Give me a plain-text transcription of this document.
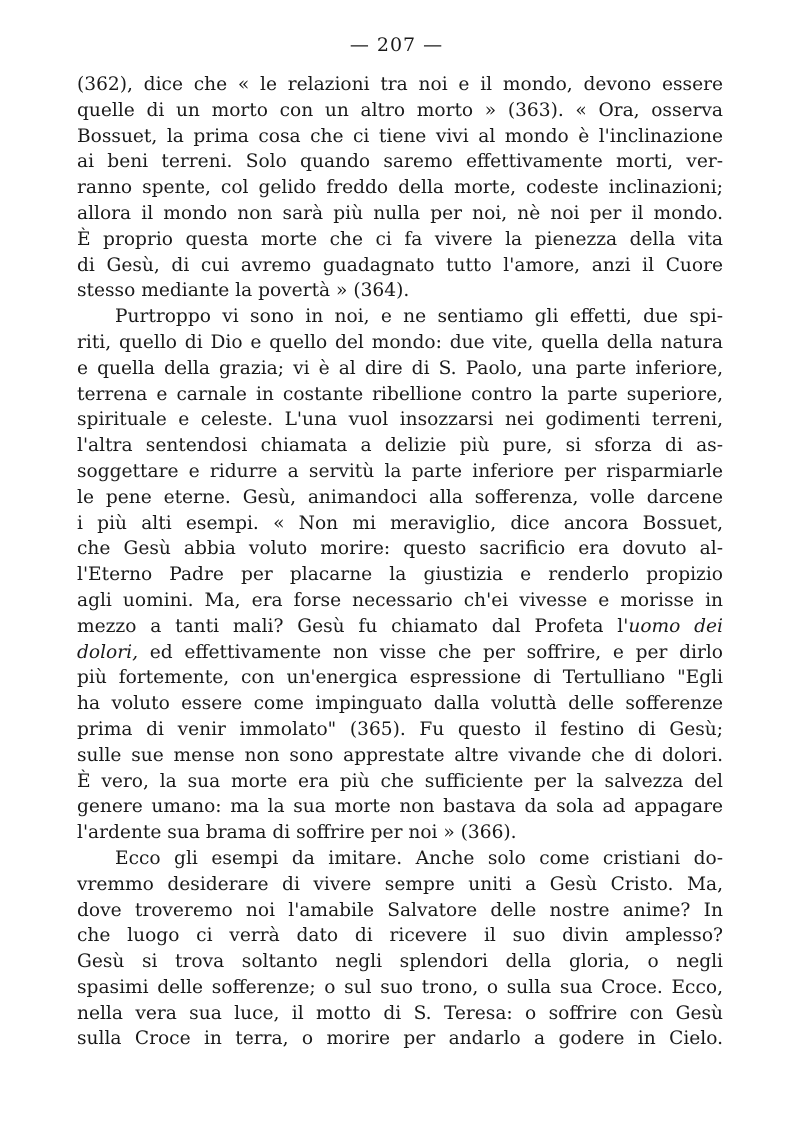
— 207 —
(362), dice che « le relazioni tra noi e il mondo, devono essere
quelle di un morto con un altro morto » (363). « Ora, osserva
Bossuet, la prima cosa che ci tiene vivi al mondo è l'inclinazione
ai beni terreni. Solo quando saremo effettivamente morti, ver-
ranno spente, col gelido freddo della morte, codeste inclinazioni;
allora il mondo non sarà più nulla per noi, nè noi per il mondo.
È proprio questa morte che ci fa vivere la pienezza della vita
di Gesù, di cui avremo guadagnato tutto l'amore, anzi il Cuore
stesso mediante la povertà » (364).
Purtroppo vi sono in noi, e ne sentiamo gli effetti, due spi-
riti, quello di Dio e quello del mondo: due vite, quella della natura
e quella della grazia; vi è al dire di S. Paolo, una parte inferiore,
terrena e carnale in costante ribellione contro la parte superiore,
spirituale e celeste. L'una vuol insozzarsi nei godimenti terreni,
l'altra sentendosi chiamata a delizie più pure, si sforza di as-
soggettare e ridurre a servitù la parte inferiore per risparmiarle
le pene eterne. Gesù, animandoci alla sofferenza, volle darcene
i più alti esempi. « Non mi meraviglio, dice ancora Bossuet,
che Gesù abbia voluto morire: questo sacrificio era dovuto al-
l'Eterno Padre per placarne la giustizia e renderlo propizio
agli uomini. Ma, era forse necessario ch'ei vivesse e morisse in
mezzo a tanti mali? Gesù fu chiamato dal Profeta l'uomo dei
dolori, ed effettivamente non visse che per soffrire, e per dirlo
più fortemente, con un'energica espressione di Tertulliano "Egli
ha voluto essere come impinguato dalla voluttà delle sofferenze
prima di venir immolato" (365). Fu questo il festino di Gesù;
sulle sue mense non sono apprestate altre vivande che di dolori.
È vero, la sua morte era più che sufficiente per la salvezza del
genere umano: ma la sua morte non bastava da sola ad appagare
l'ardente sua brama di soffrire per noi » (366).
Ecco gli esempi da imitare. Anche solo come cristiani do-
vremmo desiderare di vivere sempre uniti a Gesù Cristo. Ma,
dove troveremo noi l'amabile Salvatore delle nostre anime? In
che luogo ci verrà dato di ricevere il suo divin amplesso?
Gesù si trova soltanto negli splendori della gloria, o negli
spasimi delle sofferenze; o sul suo trono, o sulla sua Croce. Ecco,
nella vera sua luce, il motto di S. Teresa: o soffrire con Gesù
sulla Croce in terra, o morire per andarlo a godere in Cielo.
